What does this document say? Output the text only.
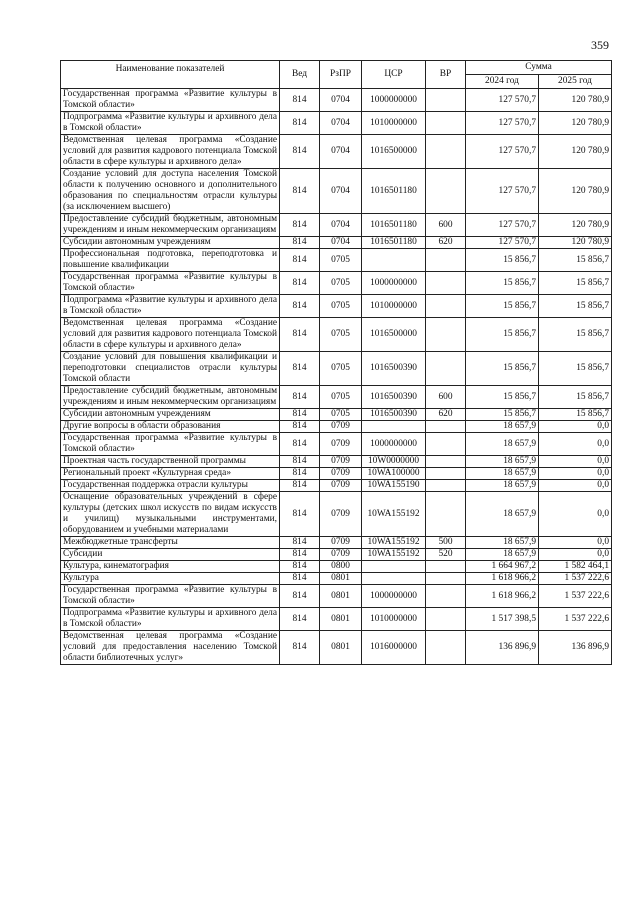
359
Наименование показателей	Вед	РзПР	ЦСР	ВР	Сумма	
					2024 год	2025 год
Государственная программа «Развитие культуры в Томской области»	814	0704	1000000000		127 570,7	120 780,9
Подпрограмма «Развитие культуры и архивного дела в Томской области»	814	0704	1010000000		127 570,7	120 780,9
Ведомственная целевая программа «Создание условий для развития кадрового потенциала Томской области в сфере культуры и архивного дела»	814	0704	1016500000		127 570,7	120 780,9
Создание условий для доступа населения Томской области к получению основного и дополнительного образования по специальностям отрасли культуры (за исключением высшего)	814	0704	1016501180		127 570,7	120 780,9
Предоставление субсидий бюджетным, автономным учреждениям и иным некоммерческим организациям	814	0704	1016501180	600	127 570,7	120 780,9
Субсидии автономным учреждениям	814	0704	1016501180	620	127 570,7	120 780,9
Профессиональная подготовка, переподготовка и повышение квалификации	814	0705			15 856,7	15 856,7
Государственная программа «Развитие культуры в Томской области»	814	0705	1000000000		15 856,7	15 856,7
Подпрограмма «Развитие культуры и архивного дела в Томской области»	814	0705	1010000000		15 856,7	15 856,7
Ведомственная целевая программа «Создание условий для развития кадрового потенциала Томской области в сфере культуры и архивного дела»	814	0705	1016500000		15 856,7	15 856,7
Создание условий для повышения квалификации и переподготовки специалистов отрасли культуры Томской области	814	0705	1016500390		15 856,7	15 856,7
Предоставление субсидий бюджетным, автономным учреждениям и иным некоммерческим организациям	814	0705	1016500390	600	15 856,7	15 856,7
Субсидии автономным учреждениям	814	0705	1016500390	620	15 856,7	15 856,7
Другие вопросы в области образования	814	0709			18 657,9	0,0
Государственная программа «Развитие культуры в Томской области»	814	0709	1000000000		18 657,9	0,0
Проектная часть государственной программы	814	0709	10W0000000		18 657,9	0,0
Региональный проект «Культурная среда»	814	0709	10WA100000		18 657,9	0,0
Государственная поддержка отрасли культуры	814	0709	10WA155190		18 657,9	0,0
Оснащение образовательных учреждений в сфере культуры (детских школ искусств по видам искусств и училищ) музыкальными инструментами, оборудованием и учебными материалами	814	0709	10WA155192		18 657,9	0,0
Межбюджетные трансферты	814	0709	10WA155192	500	18 657,9	0,0
Субсидии	814	0709	10WA155192	520	18 657,9	0,0
Культура, кинематография	814	0800			1 664 967,2	1 582 464,1
Культура	814	0801			1 618 966,2	1 537 222,6
Государственная программа «Развитие культуры в Томской области»	814	0801	1000000000		1 618 966,2	1 537 222,6
Подпрограмма «Развитие культуры и архивного дела в Томской области»	814	0801	1010000000		1 517 398,5	1 537 222,6
Ведомственная целевая программа «Создание условий для предоставления населению Томской области библиотечных услуг»	814	0801	1016000000		136 896,9	136 896,9
